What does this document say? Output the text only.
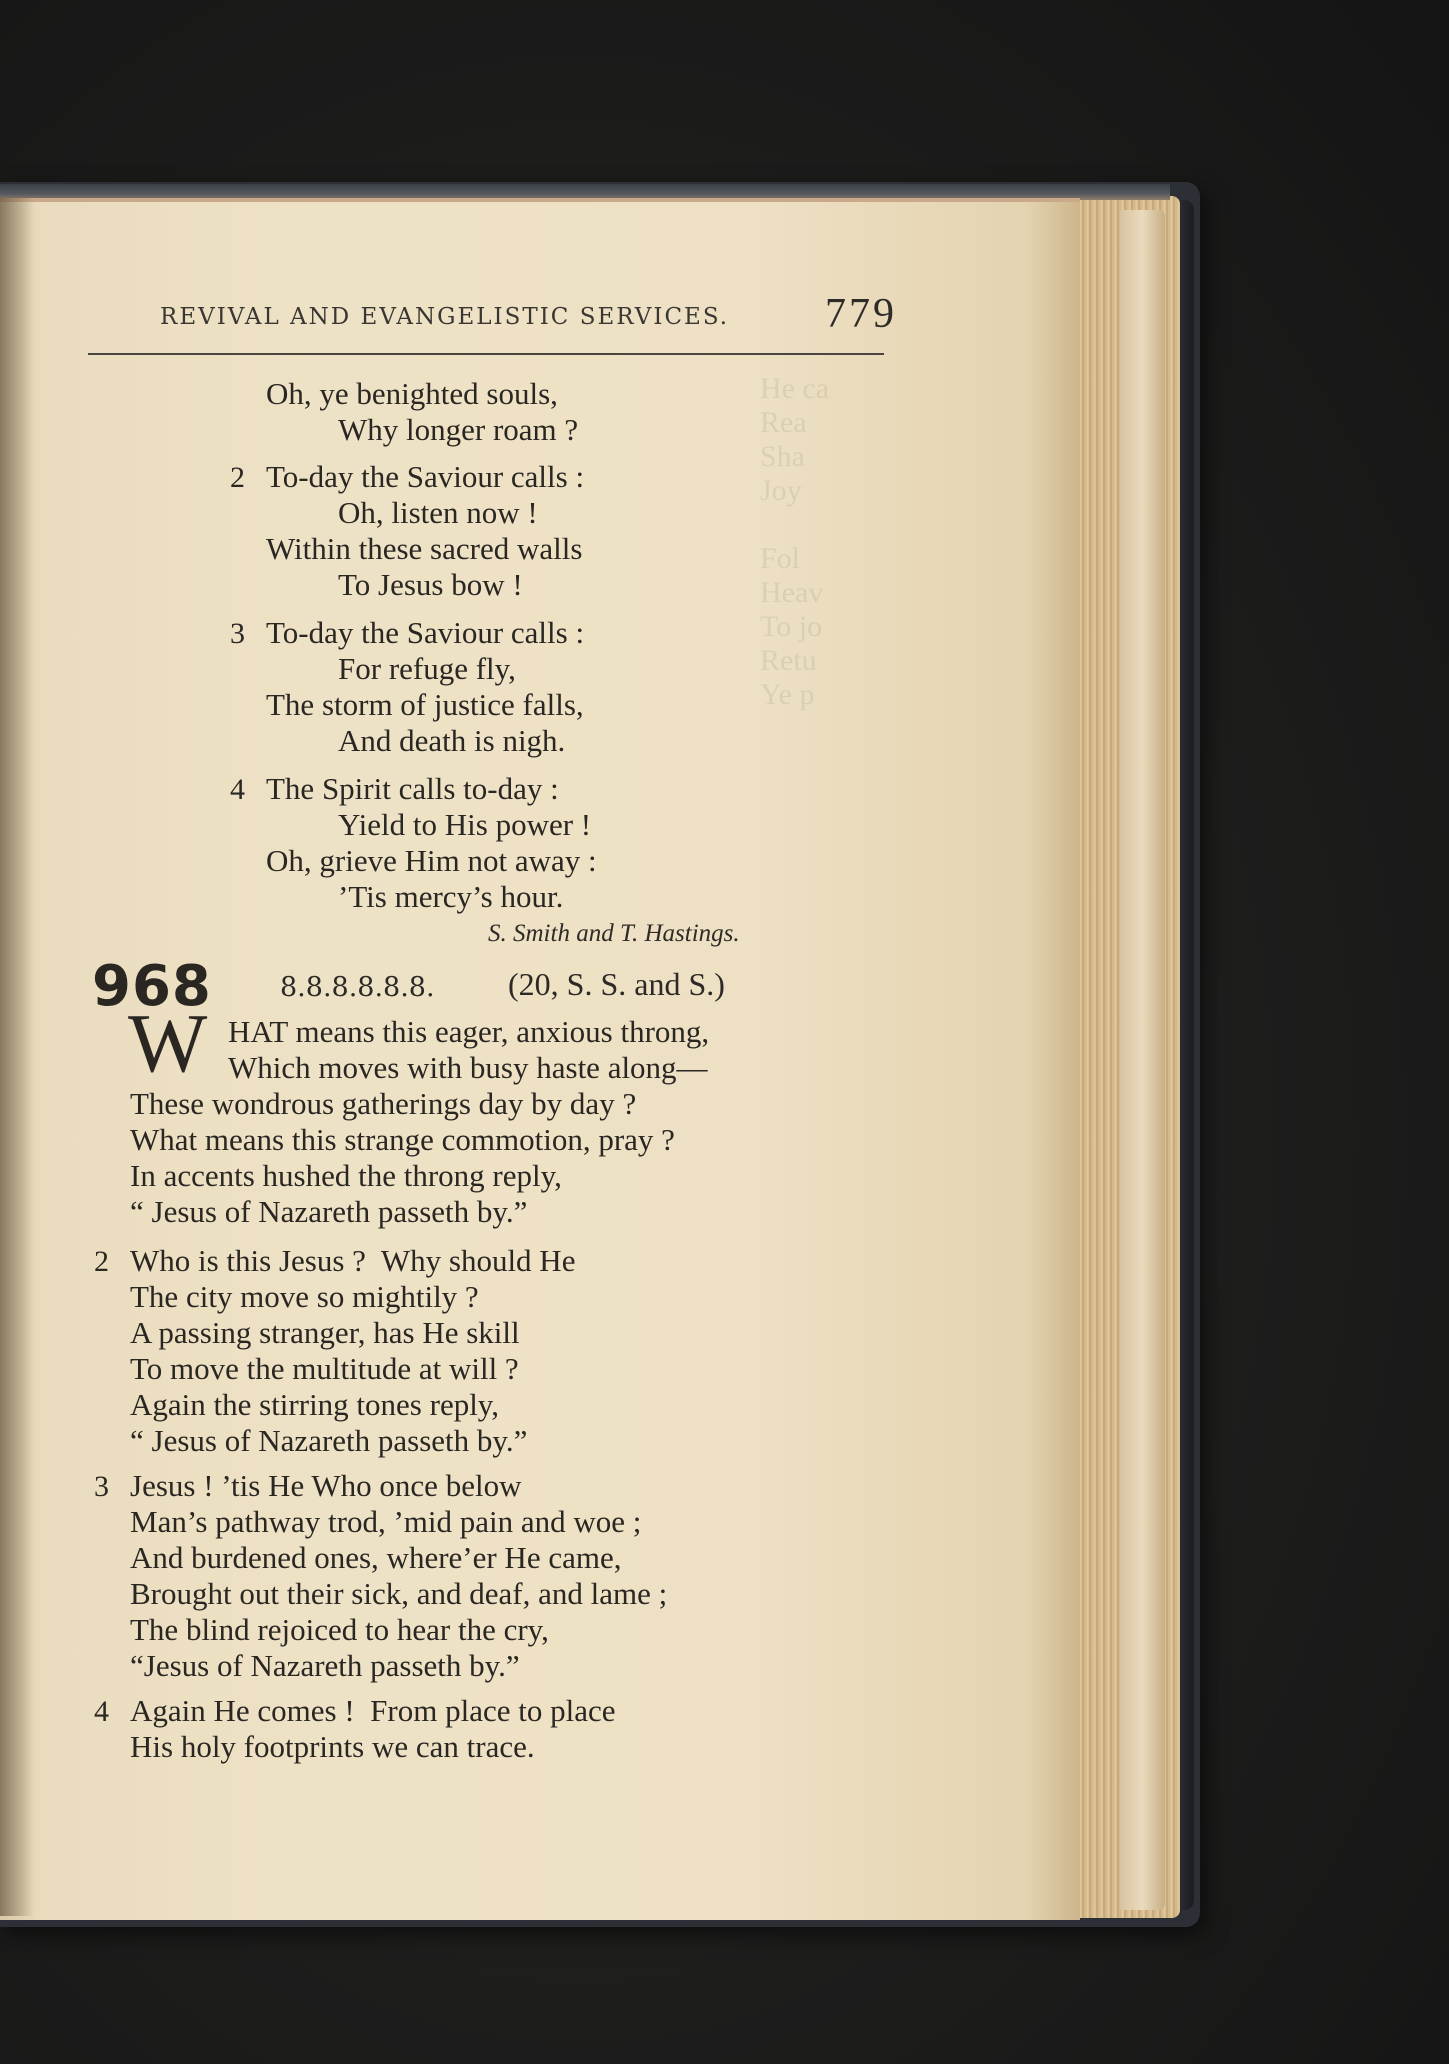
He ca
Rea
Sha
Joy

Fol
Heav
To jo
Retu
Ye p
REVIVAL AND EVANGELISTIC SERVICES. 779
Oh, ye benighted souls,
Why longer roam ?
2 To-day the Saviour calls :
Oh, listen now !
Within these sacred walls
To Jesus bow !
3 To-day the Saviour calls :
For refuge fly,
The storm of justice falls,
And death is nigh.
4 The Spirit calls to-day :
Yield to His power !
Oh, grieve Him not away :
’Tis mercy’s hour.
S. Smith and T. Hastings.
968	8.8.8.8.8.8. (20, S. S. and S.)
W HAT means this eager, anxious throng,
Which moves with busy haste along—
These wondrous gatherings day by day ?
What means this strange commotion, pray ?
In accents hushed the throng reply,
“ Jesus of Nazareth passeth by.”
2 Who is this Jesus ?  Why should He
The city move so mightily ?
A passing stranger, has He skill
To move the multitude at will ?
Again the stirring tones reply,
“ Jesus of Nazareth passeth by.”
3 Jesus ! ’tis He Who once below
Man’s pathway trod, ’mid pain and woe ;
And burdened ones, where’er He came,
Brought out their sick, and deaf, and lame ;
The blind rejoiced to hear the cry,
“Jesus of Nazareth passeth by.”
4 Again He comes !  From place to place
His holy footprints we can trace.
